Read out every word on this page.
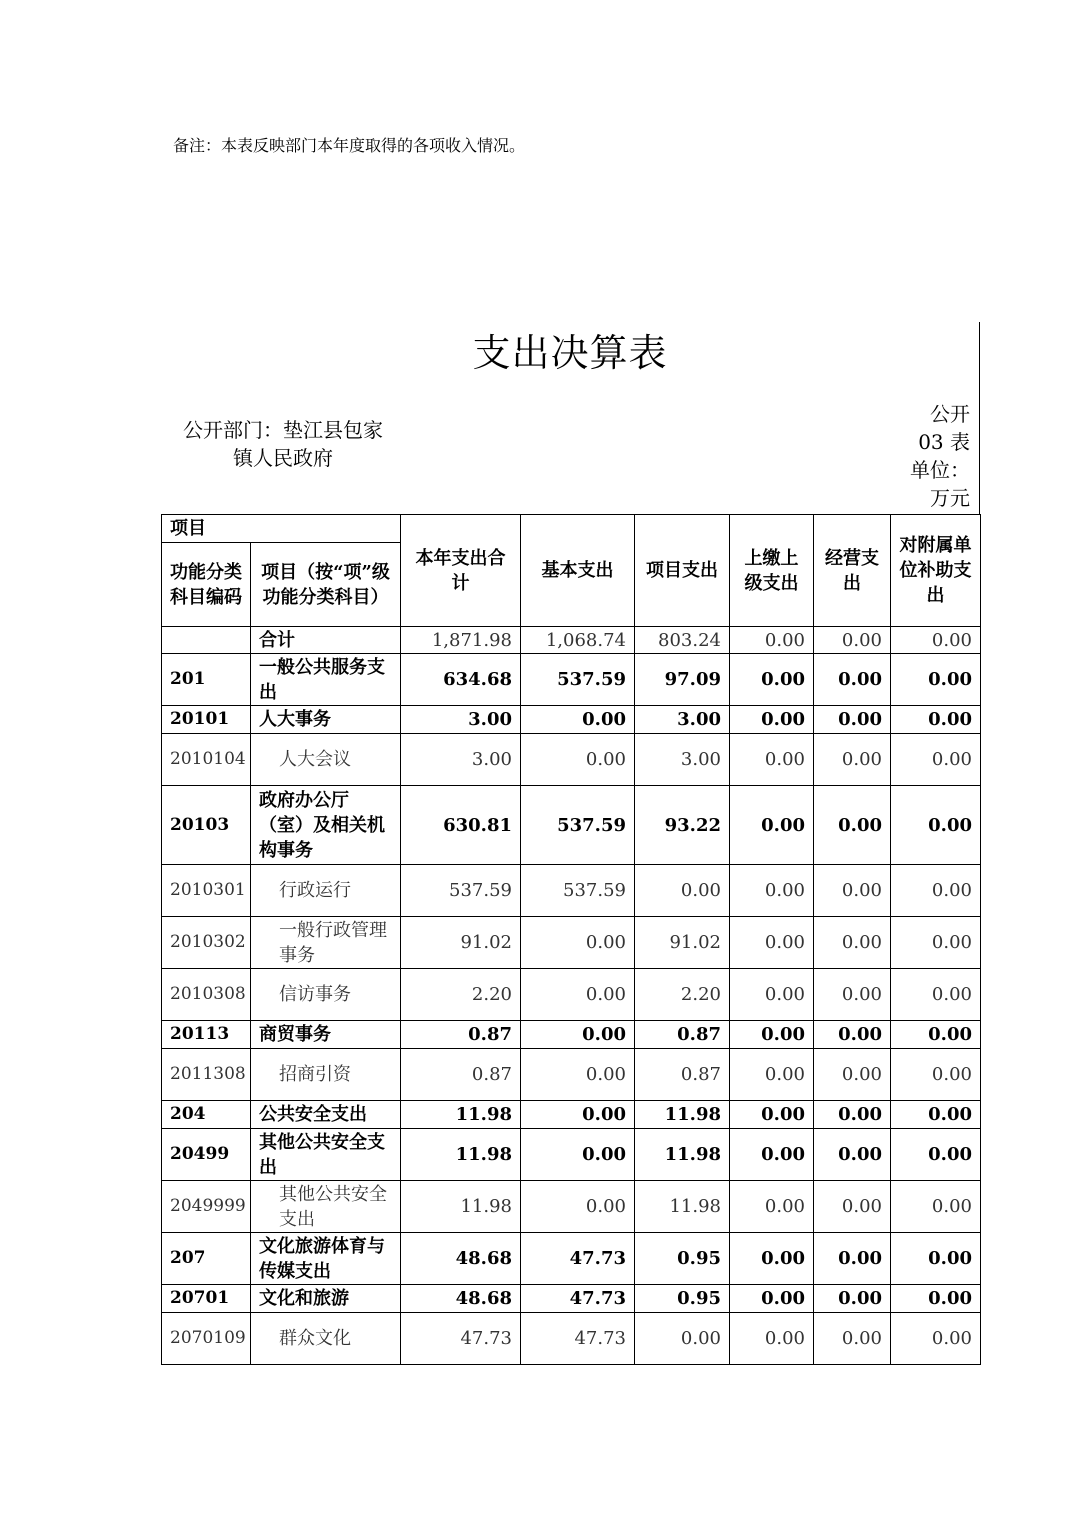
备注：本表反映部门本年度取得的各项收入情况。
支出决算表
公开部门：垫江县包家
镇人民政府
公开
03 表
单位：
万元
项目		本年支出合计	基本支出	项目支出	上缴上级支出	经营支出	对附属单位补助支出
功能分类科目编码	项目（按“项”级功能分类科目）						
	合计	1,871.98	1,068.74	803.24	0.00	0.00	0.00
201	一般公共服务支出	634.68	537.59	97.09	0.00	0.00	0.00
20101	人大事务	3.00	0.00	3.00	0.00	0.00	0.00
2010104	人大会议	3.00	0.00	3.00	0.00	0.00	0.00
20103	政府办公厅（室）及相关机构事务	630.81	537.59	93.22	0.00	0.00	0.00
2010301	行政运行	537.59	537.59	0.00	0.00	0.00	0.00
2010302	一般行政管理事务	91.02	0.00	91.02	0.00	0.00	0.00
2010308	信访事务	2.20	0.00	2.20	0.00	0.00	0.00
20113	商贸事务	0.87	0.00	0.87	0.00	0.00	0.00
2011308	招商引资	0.87	0.00	0.87	0.00	0.00	0.00
204	公共安全支出	11.98	0.00	11.98	0.00	0.00	0.00
20499	其他公共安全支出	11.98	0.00	11.98	0.00	0.00	0.00
2049999	其他公共安全支出	11.98	0.00	11.98	0.00	0.00	0.00
207	文化旅游体育与传媒支出	48.68	47.73	0.95	0.00	0.00	0.00
20701	文化和旅游	48.68	47.73	0.95	0.00	0.00	0.00
2070109	群众文化	47.73	47.73	0.00	0.00	0.00	0.00
